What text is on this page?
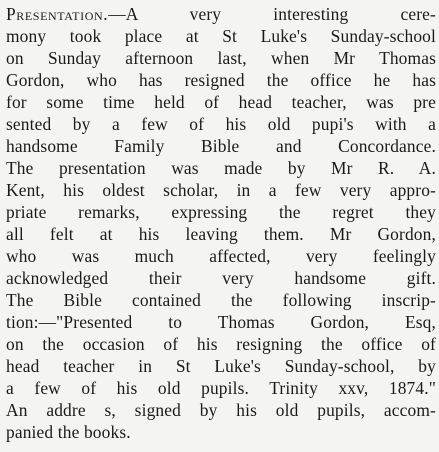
Presentation.—A very interesting cere-
mony took place at St Luke's Sunday-school
on Sunday afternoon last, when Mr Thomas
Gordon, who has resigned the office he has
for some time held of head teacher, was pre
sented by a few of his old pupi's with a
handsome Family Bible and Concordance.
The presentation was made by Mr R. A.
Kent, his oldest scholar, in a few very appro-
priate remarks, expressing the regret they
all felt at his leaving them. Mr Gordon,
who was much affected, very feelingly
acknowledged their very handsome gift.
The Bible contained the following inscrip-
tion:—"Presented to Thomas Gordon, Esq,
on the occasion of his resigning the office of
head teacher in St Luke's Sunday-school, by
a few of his old pupils. Trinity xxv, 1874."
An addre s, signed by his old pupils, accom-
panied the books.
